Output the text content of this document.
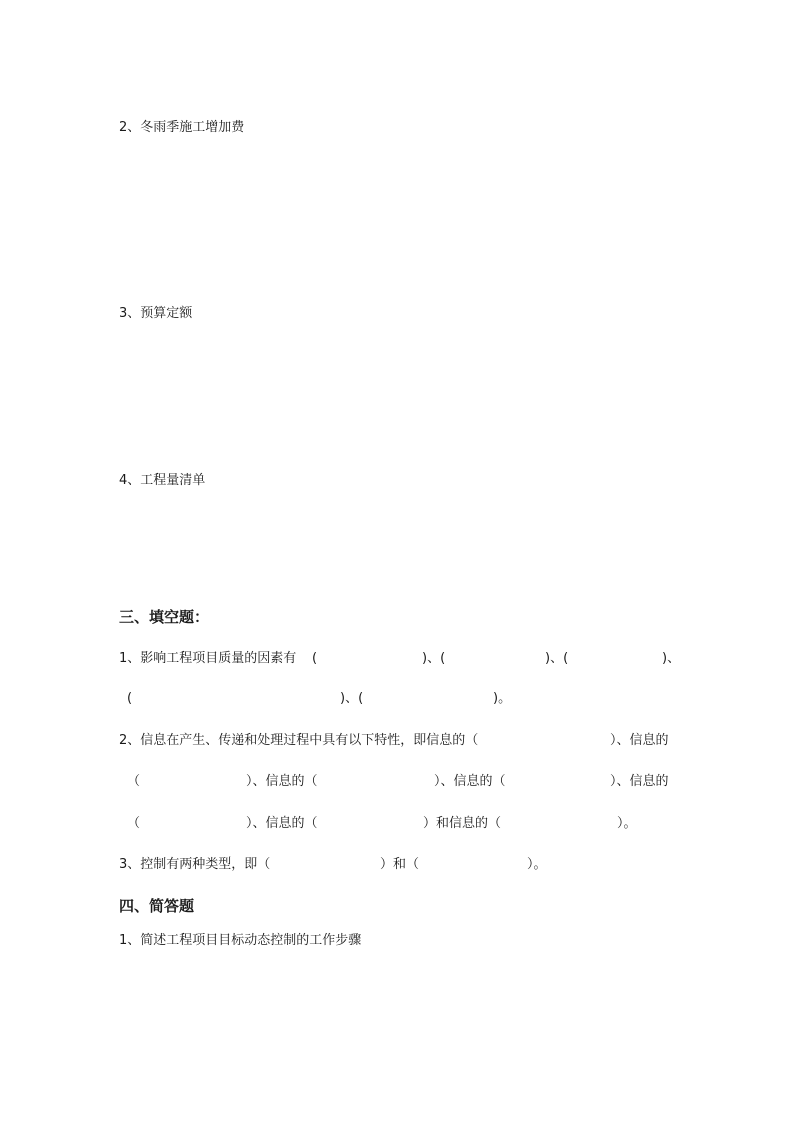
2、冬雨季施工增加费
3、预算定额
4、工程量清单
三、填空题：
1、影响工程项目质量的因素有 (	)、(	)、(	)、
(	)、(	)。
2、信息在产生、传递和处理过程中具有以下特性，即信息的（	）、信息的
（	）、信息的（	）、信息的（	）、信息的
（	）、信息的（	）和信息的（	）。
3、控制有两种类型，即（	）和（	）。
四、简答题
1、简述工程项目目标动态控制的工作步骤
